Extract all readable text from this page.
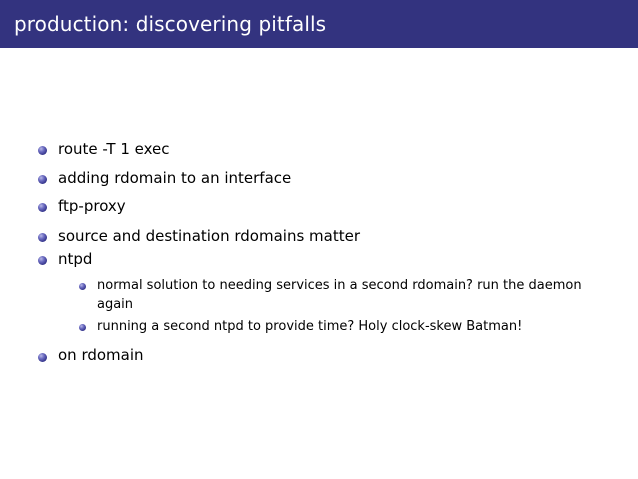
production: discovering pitfalls
route -T 1 exec
adding rdomain to an interface
ftp-proxy
source and destination rdomains matter
ntpd
normal solution to needing services in a second rdomain? run the daemon again
running a second ntpd to provide time? Holy clock-skew Batman!
on rdomain
